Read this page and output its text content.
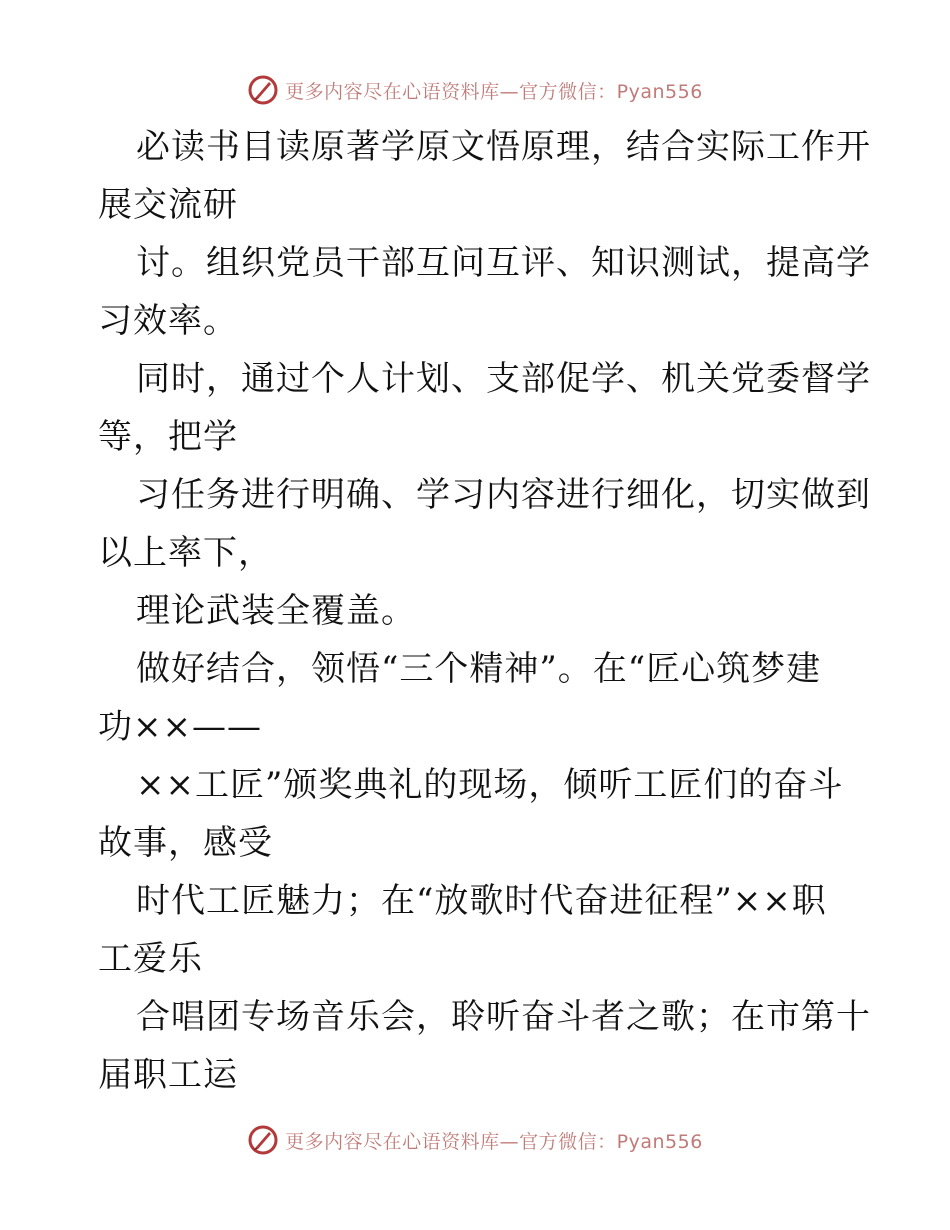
更多内容尽在心语资料库—官方微信：Pyan556
必读书目读原著学原文悟原理，结合实际工作开
展交流研
讨。组织党员干部互问互评、知识测试，提高学
习效率。
同时，通过个人计划、支部促学、机关党委督学
等，把学
习任务进行明确、学习内容进行细化，切实做到
以上率下，
理论武装全覆盖。
做好结合，领悟“三个精神”。在“匠心筑梦建
功××——
××工匠”颁奖典礼的现场，倾听工匠们的奋斗
故事，感受
时代工匠魅力；在“放歌时代奋进征程”××职
工爱乐
合唱团专场音乐会，聆听奋斗者之歌；在市第十
届职工运
更多内容尽在心语资料库—官方微信：Pyan556
